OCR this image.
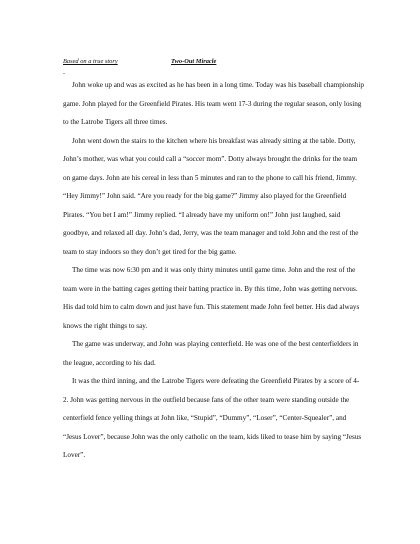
Based on a true story	Two-Out Miracle
-

John woke up and was as excited as he has been in a long time. Today was his baseball championship game. John played for the Greenfield Pirates. His team went 17-3 during the regular season, only losing to the Latrobe Tigers all three times.

John went down the stairs to the kitchen where his breakfast was already sitting at the table. Dotty, John’s mother, was what you could call a “soccer mom”. Dotty always brought the drinks for the team on game days. John ate his cereal in less than 5 minutes and ran to the phone to call his friend, Jimmy. “Hey Jimmy!” John said. “Are you ready for the big game?” Jimmy also played for the Greenfield Pirates. “You bet I am!” Jimmy replied. “I already have my uniform on!” John just laughed, said goodbye, and relaxed all day. John’s dad, Jerry, was the team manager and told John and the rest of the team to stay indoors so they don’t get tired for the big game.

The time was now 6:30 pm and it was only thirty minutes until game time. John and the rest of the team were in the batting cages getting their batting practice in. By this time, John was getting nervous. His dad told him to calm down and just have fun. This statement made John feel better. His dad always knows the right things to say.

The game was underway, and John was playing centerfield. He was one of the best centerfielders in the league, according to his dad.

It was the third inning, and the Latrobe Tigers were defeating the Greenfield Pirates by a score of 4-2. John was getting nervous in the outfield because fans of the other team were standing outside the centerfield fence yelling things at John like, “Stupid”, “Dummy”, “Loser”, “Center-Squealer”, and “Jesus Lover”, because John was the only catholic on the team, kids liked to tease him by saying “Jesus Lover”.
